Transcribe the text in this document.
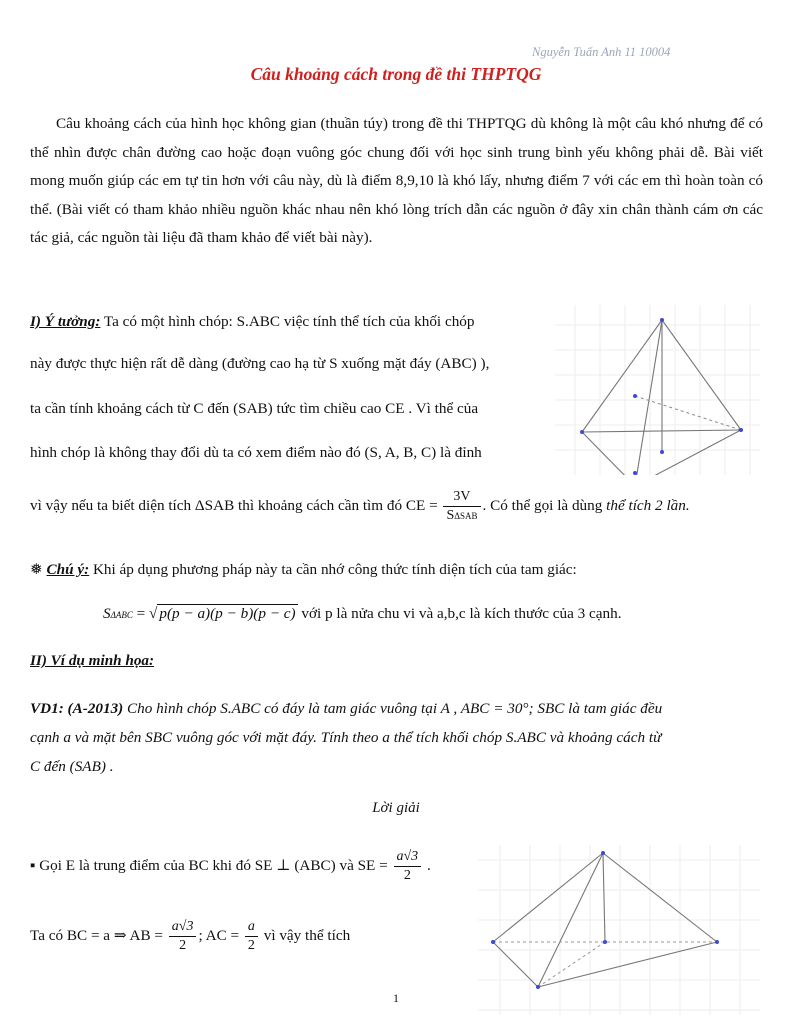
Nguyễn Tuấn Anh 11 10004
Câu khoảng cách trong đề thi THPTQG

Câu khoảng cách của hình học không gian (thuần túy) trong đề thi THPTQG dù không là một câu khó nhưng để có thể nhìn được chân đường cao hoặc đoạn vuông góc chung đối với học sinh trung bình yếu không phải dễ. Bài viết mong muốn giúp các em tự tin hơn với câu này, dù là điểm 8,9,10 là khó lấy, nhưng điểm 7 với các em thì hoàn toàn có thể. (Bài viết có tham khảo nhiều nguồn khác nhau nên khó lòng trích dẫn các nguồn ở đây xin chân thành cám ơn các tác giả, các nguồn tài liệu đã tham khảo để viết bài này).

I) Ý tưởng: Ta có một hình chóp: S.ABC việc tính thể tích của khối chóp
này được thực hiện rất dễ dàng (đường cao hạ từ S xuống mặt đáy (ABC) ),
ta cần tính khoảng cách từ C đến (SAB) tức tìm chiều cao CE . Vì thể của
hình chóp là không thay đổi dù ta có xem điểm nào đó (S, A, B, C) là đỉnh
vì vậy nếu ta biết diện tích ΔSAB thì khoảng cách cần tìm đó CE = $\frac{3V}{\text{SΔSAB}}$ . Có thể gọi là dùng thể tích 2 lần.
❅ Chú ý: Khi áp dụng phương pháp này ta cần nhớ công thức tính diện tích của tam giác:
SΔABC = √ p(p − a)(p − b)(p − c) với p là nửa chu vi và a,b,c là kích thước của 3 cạnh.
II) Ví dụ minh họa:

VD1: (A-2013) Cho hình chóp S.ABC có đáy là tam giác vuông tại A , ABC = 30°; SBC là tam giác đều

cạnh a và mặt bên SBC vuông góc với mặt đáy. Tính theo a thể tích khối chóp S.ABC và khoảng cách từ

C đến (SAB) .

Lời giải
▪ Gọi E là trung điểm của BC khi đó SE ⊥ (ABC) và SE = $\frac{a√3}{2}$ .
Ta có BC = a ⇒ AB = $\frac{a√3}{2}$ ; AC = $\frac{a}{2}$ vì vậy thể tích
1
